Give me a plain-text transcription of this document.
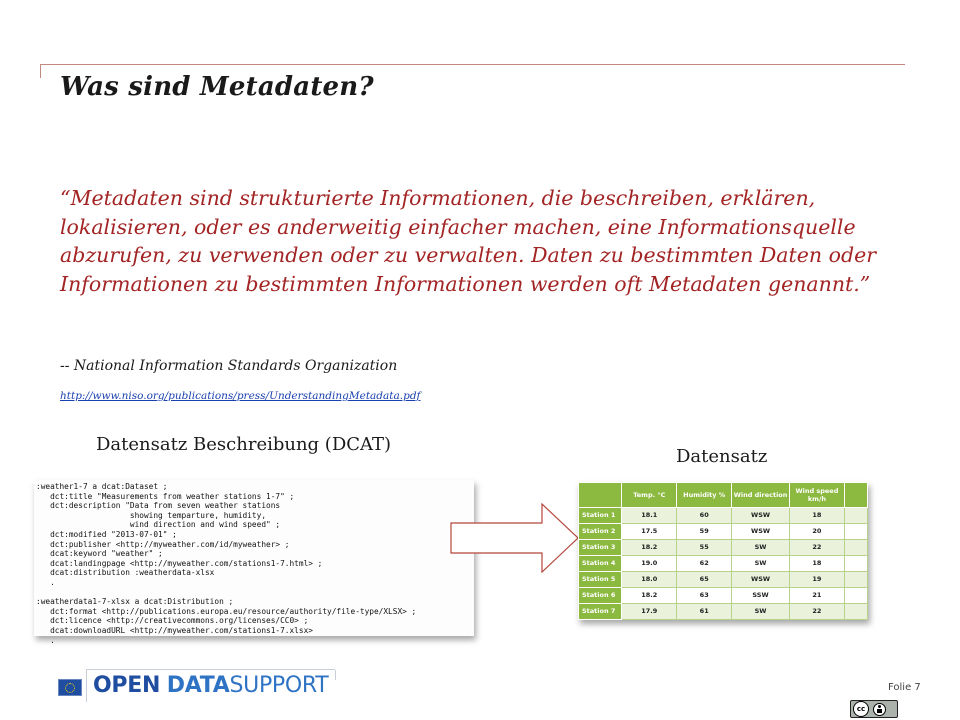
Was sind Metadaten?
“Metadaten sind strukturierte Informationen, die beschreiben, erklären, lokalisieren, oder es anderweitig einfacher machen, eine Informationsquelle abzurufen, zu verwenden oder zu verwalten. Daten zu bestimmten Daten oder Informationen zu bestimmten Informationen werden oft Metadaten genannt.”
-- National Information Standards Organization
http://www.niso.org/publications/press/UnderstandingMetadata.pdf
Datensatz Beschreibung (DCAT)
Datensatz
:weather1-7 a dcat:Dataset ;
dct:title "Measurements from weather stations 1-7" ;
dct:description "Data from seven weather stations
showing temparture, humidity,
wind direction and wind speed" ;
dct:modified "2013-07-01" ;
dct:publisher <http://myweather.com/id/myweather> ;
dcat:keyword "weather" ;
dcat:landingpage <http://myweather.com/stations1-7.html> ;
dcat:distribution :weatherdata-xlsx
.

:weatherdata1-7-xlsx a dcat:Distribution ;
dct:format <http://publications.europa.eu/resource/authority/file-type/XLSX> ;
dct:licence <http://creativecommons.org/licenses/CC0> ;
dcat:downloadURL <http://myweather.com/stations1-7.xlsx>
.
	Temp. °C	Humidity %	Wind direction	Wind speed km/h	
Station 1	18.1	60	WSW	18	
Station 2	17.5	59	WSW	20	
Station 3	18.2	55	SW	22	
Station 4	19.0	62	SW	18	
Station 5	18.0	65	WSW	19	
Station 6	18.2	63	SSW	21	
Station 7	17.9	61	SW	22	
OPEN DATASUPPORT	Folie 7
cc
